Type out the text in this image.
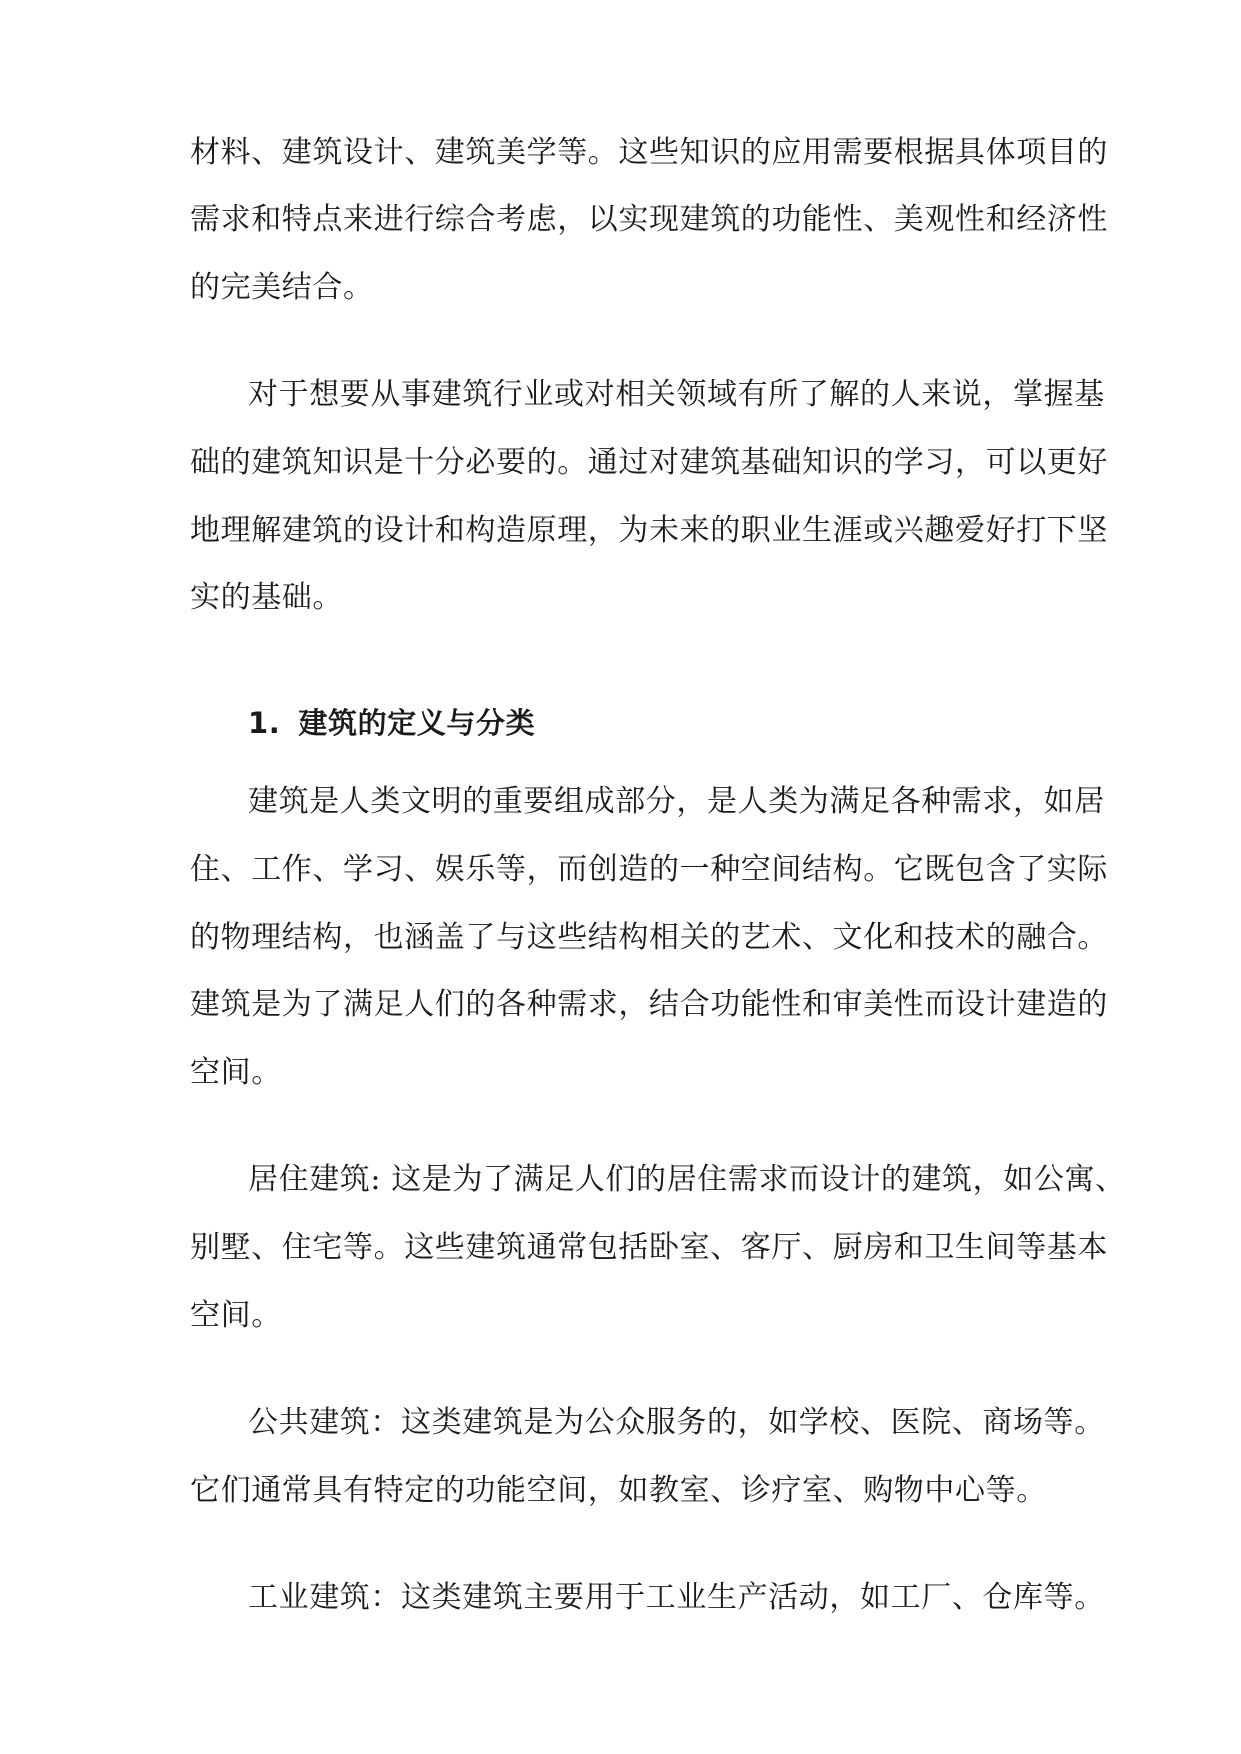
材料、建筑设计、建筑美学等。这些知识的应用需要根据具体项目的

需求和特点来进行综合考虑，以实现建筑的功能性、美观性和经济性

的完美结合。

对于想要从事建筑行业或对相关领域有所了解的人来说，掌握基

础的建筑知识是十分必要的。通过对建筑基础知识的学习，可以更好

地理解建筑的设计和构造原理，为未来的职业生涯或兴趣爱好打下坚

实的基础。

1. 建筑的定义与分类

建筑是人类文明的重要组成部分，是人类为满足各种需求，如居

住、工作、学习、娱乐等，而创造的一种空间结构。它既包含了实际

的物理结构，也涵盖了与这些结构相关的艺术、文化和技术的融合。

建筑是为了满足人们的各种需求，结合功能性和审美性而设计建造的

空间。

居住建筑: 这是为了满足人们的居住需求而设计的建筑，如公寓、

别墅、住宅等。这些建筑通常包括卧室、客厅、厨房和卫生间等基本

空间。

公共建筑：这类建筑是为公众服务的，如学校、医院、商场等。

它们通常具有特定的功能空间，如教室、诊疗室、购物中心等。

工业建筑：这类建筑主要用于工业生产活动，如工厂、仓库等。
